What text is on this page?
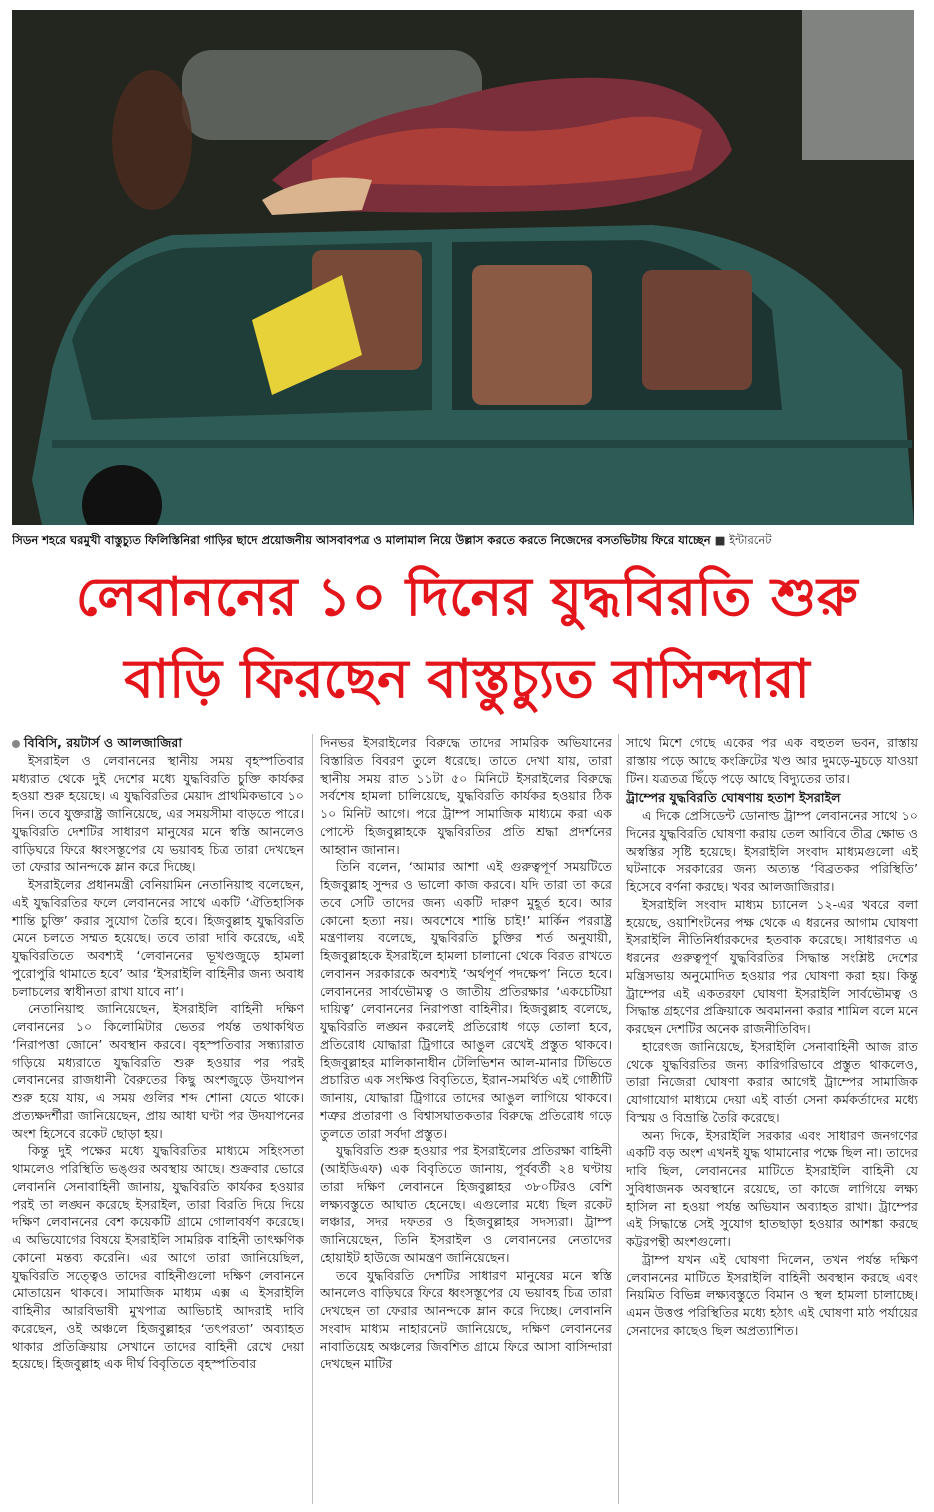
সিডন শহরে ঘরমুখী বাস্তুচ্যুত ফিলিস্তিনিরা গাড়ির ছাদে প্রয়োজনীয় আসবাবপত্র ও মালামাল নিয়ে উল্লাস করতে করতে নিজেদের বসতভিটায় ফিরে যাচ্ছেন ■ ইন্টারনেট
লেবাননের ১০ দিনের যুদ্ধবিরতি শুরু
বাড়ি ফিরছেন বাস্তুচ্যুত বাসিন্দারা

বিবিসি, রয়টার্স ও আলজাজিরা

ইসরাইল ও লেবাননের স্থানীয় সময় বৃহস্পতিবার মধ্যরাত থেকে দুই দেশের মধ্যে যুদ্ধবিরতি চুক্তি কার্যকর হওয়া শুরু হয়েছে। এ যুদ্ধবিরতির মেয়াদ প্রাথমিকভাবে ১০ দিন। তবে যুক্তরাষ্ট্র জানিয়েছে, এর সময়সীমা বাড়তে পারে। যুদ্ধবিরতি দেশটির সাধারণ মানুষের মনে স্বস্তি আনলেও বাড়িঘরে ফিরে ধ্বংসস্তূপের যে ভয়াবহ চিত্র তারা দেখছেন তা ফেরার আনন্দকে ম্লান করে দিচ্ছে।

ইসরাইলের প্রধানমন্ত্রী বেনিয়ামিন নেতানিয়াহু বলেছেন, এই যুদ্ধবিরতির ফলে লেবাননের সাথে একটি ‘ঐতিহাসিক শান্তি চুক্তি’ করার সুযোগ তৈরি হবে। হিজবুল্লাহ যুদ্ধবিরতি মেনে চলতে সম্মত হয়েছে। তবে তারা দাবি করেছে, এই যুদ্ধবিরতিতে অবশ্যই ‘লেবাননের ভূখণ্ডজুড়ে হামলা পুরোপুরি থামাতে হবে’ আর ‘ইসরাইলি বাহিনীর জন্য অবাধ চলাচলের স্বাধীনতা রাখা যাবে না’।

নেতানিয়াহু জানিয়েছেন, ইসরাইলি বাহিনী দক্ষিণ লেবাননের ১০ কিলোমিটার ভেতর পর্যন্ত তথাকথিত ‘নিরাপত্তা জোনে’ অবস্থান করবে। বৃহস্পতিবার সন্ধ্যারাত গড়িয়ে মধ্যরাতে যুদ্ধবিরতি শুরু হওয়ার পর পরই লেবাননের রাজধানী বৈরুতের কিছু অংশজুড়ে উদযাপন শুরু হয়ে যায়, এ সময় গুলির শব্দ শোনা যেতে থাকে। প্রত্যক্ষদর্শীরা জানিয়েছেন, প্রায় আধা ঘণ্টা পর উদযাপনের অংশ হিসেবে রকেট ছোড়া হয়।

কিন্তু দুই পক্ষের মধ্যে যুদ্ধবিরতির মাধ্যমে সহিংসতা থামলেও পরিস্থিতি ভঙ্গুর অবস্থায় আছে। শুক্রবার ভোরে লেবাননি সেনাবাহিনী জানায়, যুদ্ধবিরতি কার্যকর হওয়ার পরই তা লঙ্ঘন করেছে ইসরাইল, তারা বিরতি দিয়ে দিয়ে দক্ষিণ লেবাননের বেশ কয়েকটি গ্রামে গোলাবর্ষণ করেছে। এ অভিযোগের বিষয়ে ইসরাইলি সামরিক বাহিনী তাৎক্ষণিক কোনো মন্তব্য করেনি। এর আগে তারা জানিয়েছিল, যুদ্ধবিরতি সত্ত্বেও তাদের বাহিনীগুলো দক্ষিণ লেবাননে মোতায়েন থাকবে। সামাজিক মাধ্যম এক্স এ ইসরাইলি বাহিনীর আরবিভাষী মুখপাত্র আভিচাই আদরাই দাবি করেছেন, ওই অঞ্চলে হিজবুল্লাহর ‘তৎপরতা’ অব্যাহত থাকার প্রতিক্রিয়ায় সেখানে তাদের বাহিনী রেখে দেয়া হয়েছে। হিজবুল্লাহ এক দীর্ঘ বিবৃতিতে বৃহস্পতিবার

দিনভর ইসরাইলের বিরুদ্ধে তাদের সামরিক অভিযানের বিস্তারিত বিবরণ তুলে ধরেছে। তাতে দেখা যায়, তারা স্থানীয় সময় রাত ১১টা ৫০ মিনিটে ইসরাইলের বিরুদ্ধে সর্বশেষ হামলা চালিয়েছে, যুদ্ধবিরতি কার্যকর হওয়ার ঠিক ১০ মিনিট আগে। পরে ট্রাম্প সামাজিক মাধ্যমে করা এক পোস্টে হিজবুল্লাহকে যুদ্ধবিরতির প্রতি শ্রদ্ধা প্রদর্শনের আহ্বান জানান।

তিনি বলেন, ‘আমার আশা এই গুরুত্বপূর্ণ সময়টিতে হিজবুল্লাহ সুন্দর ও ভালো কাজ করবে। যদি তারা তা করে তবে সেটি তাদের জন্য একটি দারুণ মুহূর্ত হবে। আর কোনো হত্যা নয়। অবশেষে শান্তি চাই!’ মার্কিন পররাষ্ট্র মন্ত্রণালয় বলেছে, যুদ্ধবিরতি চুক্তির শর্ত অনুযায়ী, হিজবুল্লাহকে ইসরাইলে হামলা চালানো থেকে বিরত রাখতে লেবানন সরকারকে অবশ্যই ‘অর্থপূর্ণ পদক্ষেপ’ নিতে হবে। লেবাননের সার্বভৌমত্ব ও জাতীয় প্রতিরক্ষার ‘একচেটিয়া দায়িত্ব’ লেবাননের নিরাপত্তা বাহিনীর। হিজবুল্লাহ বলেছে, যুদ্ধবিরতি লঙ্ঘন করলেই প্রতিরোধ গড়ে তোলা হবে, প্রতিরোধ যোদ্ধারা ট্রিগারে আঙুল রেখেই প্রস্তুত থাকবে। হিজবুল্লাহর মালিকানাধীন টেলিভিশন আল-মানার টিভিতে প্রচারিত এক সংক্ষিপ্ত বিবৃতিতে, ইরান-সমর্থিত এই গোষ্ঠীটি জানায়, যোদ্ধারা ট্রিগারে তাদের আঙুল লাগিয়ে থাকবে। শত্রুর প্রতারণা ও বিশ্বাসঘাতকতার বিরুদ্ধে প্রতিরোধ গড়ে তুলতে তারা সর্বদা প্রস্তুত।

যুদ্ধবিরতি শুরু হওয়ার পর ইসরাইলের প্রতিরক্ষা বাহিনী (আইডিএফ) এক বিবৃতিতে জানায়, পূর্ববর্তী ২৪ ঘণ্টায় তারা দক্ষিণ লেবাননে হিজবুল্লাহর ৩৮০টিরও বেশি লক্ষ্যবস্তুতে আঘাত হেনেছে। এগুলোর মধ্যে ছিল রকেট লঞ্চার, সদর দফতর ও হিজবুল্লাহর সদস্যরা। ট্রাম্প জানিয়েছেন, তিনি ইসরাইল ও লেবাননের নেতাদের হোয়াইট হাউজে আমন্ত্রণ জানিয়েছেন।

তবে যুদ্ধবিরতি দেশটির সাধারণ মানুষের মনে স্বস্তি আনলেও বাড়িঘরে ফিরে ধ্বংসস্তূপের যে ভয়াবহ চিত্র তারা দেখছেন তা ফেরার আনন্দকে ম্লান করে দিচ্ছে। লেবাননি সংবাদ মাধ্যম নাহারনেট জানিয়েছে, দক্ষিণ লেবাননের নাবাতিয়েহ অঞ্চলের জিবশিত গ্রামে ফিরে আসা বাসিন্দারা দেখছেন মাটির

সাথে মিশে গেছে একের পর এক বহুতল ভবন, রাস্তায় রাস্তায় পড়ে আছে কংক্রিটের খণ্ড আর দুমড়ে-মুচড়ে যাওয়া টিন। যত্রতত্র ছিঁড়ে পড়ে আছে বিদ্যুতের তার।

ট্রাম্পের যুদ্ধবিরতি ঘোষণায় হতাশ ইসরাইল

এ দিকে প্রেসিডেন্ট ডোনাল্ড ট্রাম্প লেবাননের সাথে ১০ দিনের যুদ্ধবিরতি ঘোষণা করায় তেল আবিবে তীব্র ক্ষোভ ও অস্বস্তির সৃষ্টি হয়েছে। ইসরাইলি সংবাদ মাধ্যমগুলো এই ঘটনাকে সরকারের জন্য অত্যন্ত ‘বিব্রতকর পরিস্থিতি’ হিসেবে বর্ণনা করছে। খবর আলজাজিরার।

ইসরাইলি সংবাদ মাধ্যম চ্যানেল ১২-এর খবরে বলা হয়েছে, ওয়াশিংটনের পক্ষ থেকে এ ধরনের আগাম ঘোষণা ইসরাইলি নীতিনির্ধারকদের হতবাক করেছে। সাধারণত এ ধরনের গুরুত্বপূর্ণ যুদ্ধবিরতির সিদ্ধান্ত সংশ্লিষ্ট দেশের মন্ত্রিসভায় অনুমোদিত হওয়ার পর ঘোষণা করা হয়। কিন্তু ট্রাম্পের এই একতরফা ঘোষণা ইসরাইলি সার্বভৌমত্ব ও সিদ্ধান্ত গ্রহণের প্রক্রিয়াকে অবমাননা করার শামিল বলে মনে করছেন দেশটির অনেক রাজনীতিবিদ।

হারেৎজ জানিয়েছে, ইসরাইলি সেনাবাহিনী আজ রাত থেকে যুদ্ধবিরতির জন্য কারিগরিভাবে প্রস্তুত থাকলেও, তারা নিজেরা ঘোষণা করার আগেই ট্রাম্পের সামাজিক যোগাযোগ মাধ্যমে দেয়া এই বার্তা সেনা কর্মকর্তাদের মধ্যে বিস্ময় ও বিভ্রান্তি তৈরি করেছে।

অন্য দিকে, ইসরাইলি সরকার এবং সাধারণ জনগণের একটি বড় অংশ এখনই যুদ্ধ থামানোর পক্ষে ছিল না। তাদের দাবি ছিল, লেবাননের মাটিতে ইসরাইলি বাহিনী যে সুবিধাজনক অবস্থানে রয়েছে, তা কাজে লাগিয়ে লক্ষ্য হাসিল না হওয়া পর্যন্ত অভিযান অব্যাহত রাখা। ট্রাম্পের এই সিদ্ধান্তে সেই সুযোগ হাতছাড়া হওয়ার আশঙ্কা করছে কট্টরপন্থী অংশগুলো।

ট্রাম্প যখন এই ঘোষণা দিলেন, তখন পর্যন্ত দক্ষিণ লেবাননের মাটিতে ইসরাইলি বাহিনী অবস্থান করছে এবং নিয়মিত বিভিন্ন লক্ষ্যবস্তুতে বিমান ও স্থল হামলা চালাচ্ছে। এমন উত্তপ্ত পরিস্থিতির মধ্যে হঠাৎ এই ঘোষণা মাঠ পর্যায়ের সেনাদের কাছেও ছিল অপ্রত্যাশিত।
